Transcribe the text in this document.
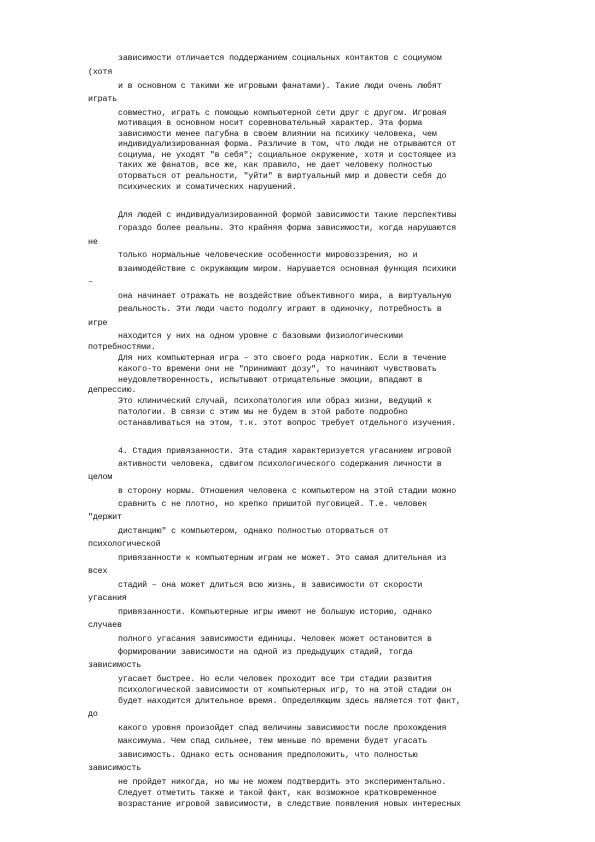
зависимости отличается поддержанием социальных контактов с социумом
(хотя
и в основном с такими же игровыми фанатами). Такие люди очень любят
играть
совместно, играть с помощью компьютерной сети друг с другом. Игровая
мотивация в основном носит соревновательный характер. Эта форма
зависимости менее пагубна в своем влиянии на психику человека, чем
индивидуализированная форма. Различие в том, что люди не отрываются от
социума, не уходят "в себя"; социальное окружение, хотя и состоящее из
таких же фанатов, все же, как правило, не дает человеку полностью
оторваться от реальности, "уйти" в виртуальный мир и довести себя до
психических и соматических нарушений.
Для людей с индивидуализированной формой зависимости такие перспективы
гораздо более реальны. Это крайняя форма зависимости, когда нарушаются
не
только нормальные человеческие особенности мировоззрения, но и
взаимодействие с окружающим миром. Нарушается основная функция психики
–
она начинает отражать не воздействие объективного мира, а виртуальную
реальность. Эти люди часто подолгу играют в одиночку, потребность в
игре
находится у них на одном уровне с базовыми физиологическими
потребностями.
Для них компьютерная игра – это своего рода наркотик. Если в течение
какого-то времени они не "принимают дозу", то начинают чувствовать
неудовлетворенность, испытывают отрицательные эмоции, впадают в
депрессию.
Это клинический случай, психопатология или образ жизни, ведущий к
патологии. В связи с этим мы не будем в этой работе подробно
останавливаться на этом, т.к. этот вопрос требует отдельного изучения.
4. Стадия привязанности. Эта стадия характеризуется угасанием игровой
активности человека, сдвигом психологического содержания личности в
целом
в сторону нормы. Отношения человека с компьютером на этой стадии можно
сравнить с не плотно, но крепко пришитой пуговицей. Т.е. человек
"держит
дистанцию" с компьютером, однако полностью оторваться от
психологической
привязанности к компьютерным играм не может. Это самая длительная из
всех
стадий – она может длиться всю жизнь, в зависимости от скорости
угасания
привязанности. Компьютерные игры имеют не большую историю, однако
случаев
полного угасания зависимости единицы. Человек может остановится в
формировании зависимости на одной из предыдущих стадий, тогда
зависимость
угасает быстрее. Но если человек проходит все три стадии развития
психологической зависимости от компьютерных игр, то на этой стадии он
будет находится длительное время. Определяющим здесь является тот факт,
до
какого уровня произойдет спад величины зависимости после прохождения
максимума. Чем спад сильнее, тем меньше по времени будет угасать
зависимость. Однако есть основания предположить, что полностью
зависимость
не пройдет никогда, но мы не можем подтвердить это экспериментально.
Следует отметить также и такой факт, как возможное кратковременное
возрастание игровой зависимости, в следствие появления новых интересных
